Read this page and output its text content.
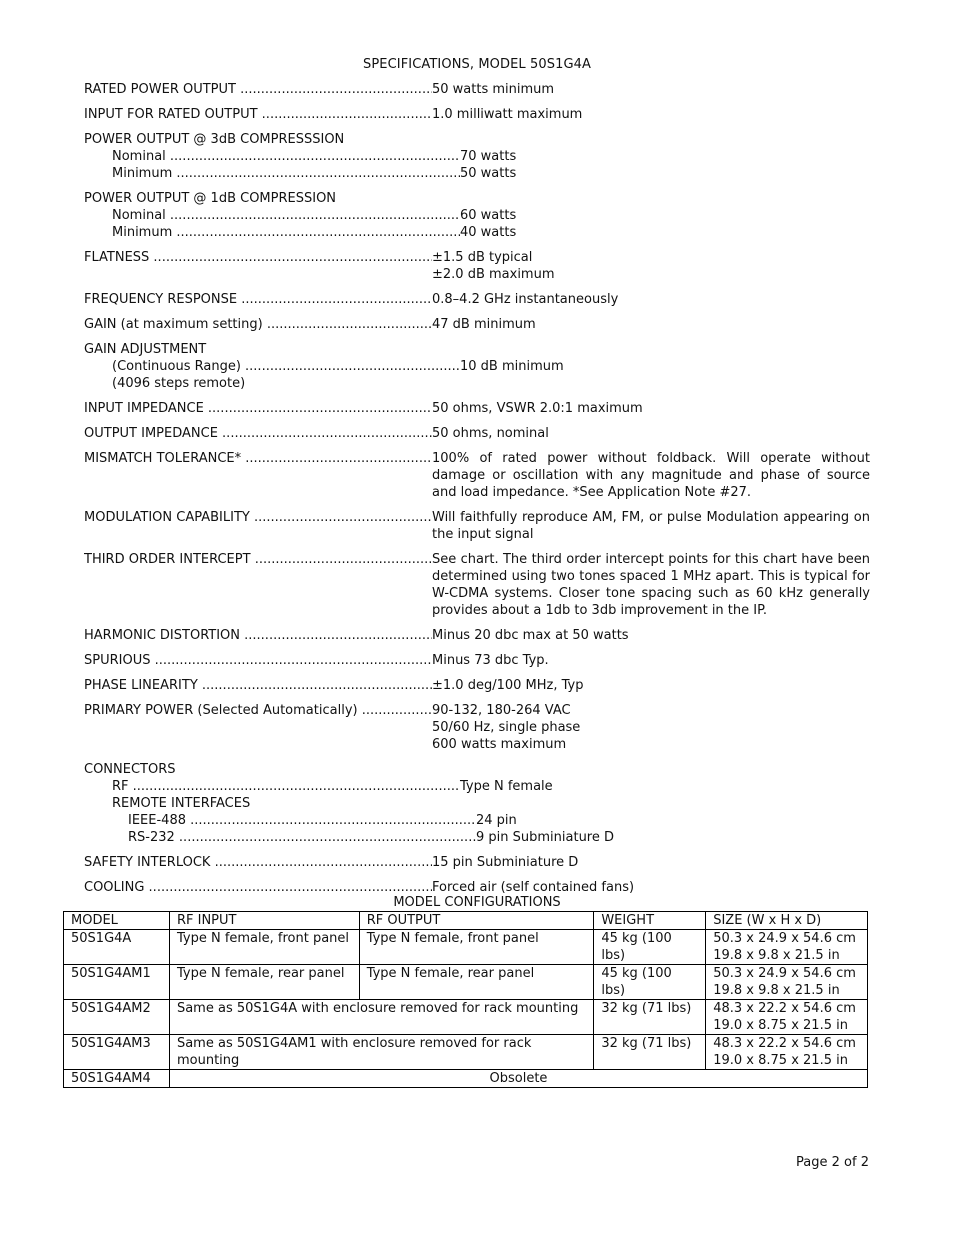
SPECIFICATIONS, MODEL 50S1G4A
RATED POWER OUTPUT .....	50 watts minimum
INPUT FOR RATED OUTPUT .....	1.0 milliwatt maximum
POWER OUTPUT @ 3dB COMPRESSSION
Nominal .....	70 watts
Minimum .....	50 watts
POWER OUTPUT @ 1dB COMPRESSION
Nominal .....	60 watts
Minimum .....	40 watts
FLATNESS .....	±1.5 dB typical
±2.0 dB maximum
FREQUENCY RESPONSE .....	0.8–4.2 GHz instantaneously
GAIN (at maximum setting) .....	47 dB minimum
GAIN ADJUSTMENT
(Continuous Range) .....	10 dB minimum
(4096 steps remote)
INPUT IMPEDANCE .....	50 ohms, VSWR 2.0:1 maximum
OUTPUT IMPEDANCE .....	50 ohms, nominal
MISMATCH TOLERANCE* .....	100% of rated power without foldback. Will operate without damage or oscillation with any magnitude and phase of source and load impedance. *See Application Note #27.
MODULATION CAPABILITY .....	Will faithfully reproduce AM, FM, or pulse Modulation appearing on the input signal
THIRD ORDER INTERCEPT .....	See chart. The third order intercept points for this chart have been determined using two tones spaced 1 MHz apart. This is typical for W-CDMA systems. Closer tone spacing such as 60 kHz generally provides about a 1db to 3db improvement in the IP.
HARMONIC DISTORTION .....	Minus 20 dbc max at 50 watts
SPURIOUS .....	Minus 73 dbc Typ.
PHASE LINEARITY .....	±1.0 deg/100 MHz, Typ
PRIMARY POWER (Selected Automatically) .....	90-132, 180-264 VAC
50/60 Hz, single phase
600 watts maximum
CONNECTORS
RF .....	Type N female
REMOTE INTERFACES
IEEE-488 .....	24 pin
RS-232 .....	9 pin Subminiature D
SAFETY INTERLOCK .....	15 pin Subminiature D
COOLING .....	Forced air (self contained fans)
MODEL CONFIGURATIONS
MODEL	RF INPUT	RF OUTPUT	WEIGHT	SIZE (W x H x D)
50S1G4A	Type N female, front panel	Type N female, front panel	45 kg (100 lbs)	50.3 x 24.9 x 54.6 cm
19.8 x 9.8 x 21.5 in

50S1G4AM1	Type N female, rear panel	Type N female, rear panel	45 kg (100 lbs)	50.3 x 24.9 x 54.6 cm
19.8 x 9.8 x 21.5 in

50S1G4AM2	Same as 50S1G4A with enclosure removed for rack mounting		32 kg (71 lbs)	48.3 x 22.2 x 54.6 cm
19.0 x 8.75 x 21.5 in

50S1G4AM3	Same as 50S1G4AM1 with enclosure removed for rack mounting		32 kg (71 lbs)	48.3 x 22.2 x 54.6 cm
19.0 x 8.75 x 21.5 in

50S1G4AM4	Obsolete			
Page 2 of 2
